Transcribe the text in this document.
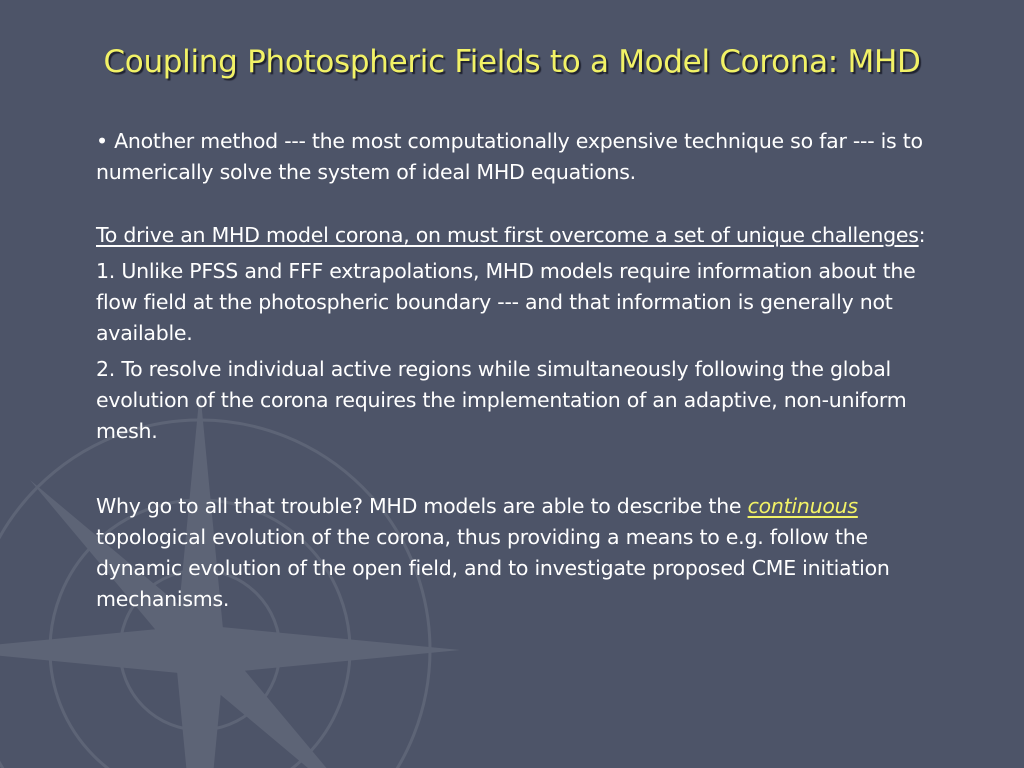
Coupling Photospheric Fields to a Model Corona: MHD

• Another method --- the most computationally expensive technique so far --- is to numerically solve the system of ideal MHD equations.

To drive an MHD model corona, on must first overcome a set of unique challenges:

1. Unlike PFSS and FFF extrapolations, MHD models require information about the flow field at the photospheric boundary --- and that information is generally not available.

2. To resolve individual active regions while simultaneously following the global evolution of the corona requires the implementation of an adaptive, non-uniform mesh.

Why go to all that trouble? MHD models are able to describe the continuous topological evolution of the corona, thus providing a means to e.g. follow the dynamic evolution of the open field, and to investigate proposed CME initiation mechanisms.
